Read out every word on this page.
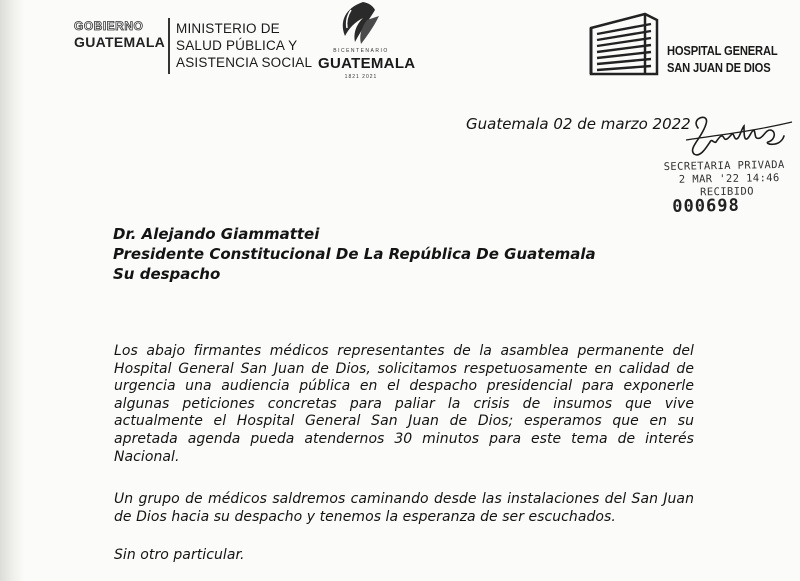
GOBIERNO
GUATEMALA
MINISTERIO DE
SALUD PÚBLICA Y
ASISTENCIA SOCIAL
BICENTENARIO
GUATEMALA
1821 2021
HOSPITAL GENERAL
SAN JUAN DE DIOS
Guatemala 02 de marzo 2022
SECRETARIA PRIVADA
2 MAR '22 14:46
RECIBIDO
000698
Dr. Alejando Giammattei
Presidente Constitucional De La República De Guatemala
Su despacho
Los abajo firmantes médicos representantes de la asamblea permanente del Hospital General San Juan de Dios, solicitamos respetuosamente en calidad de urgencia una audiencia pública en el despacho presidencial para exponerle algunas peticiones concretas para paliar la crisis de insumos que vive actualmente el Hospital General San Juan de Dios; esperamos que en su apretada agenda pueda atendernos 30 minutos para este tema de interés Nacional.
Un grupo de médicos saldremos caminando desde las instalaciones del San Juan de Dios hacia su despacho y tenemos la esperanza de ser escuchados.
Sin otro particular.
